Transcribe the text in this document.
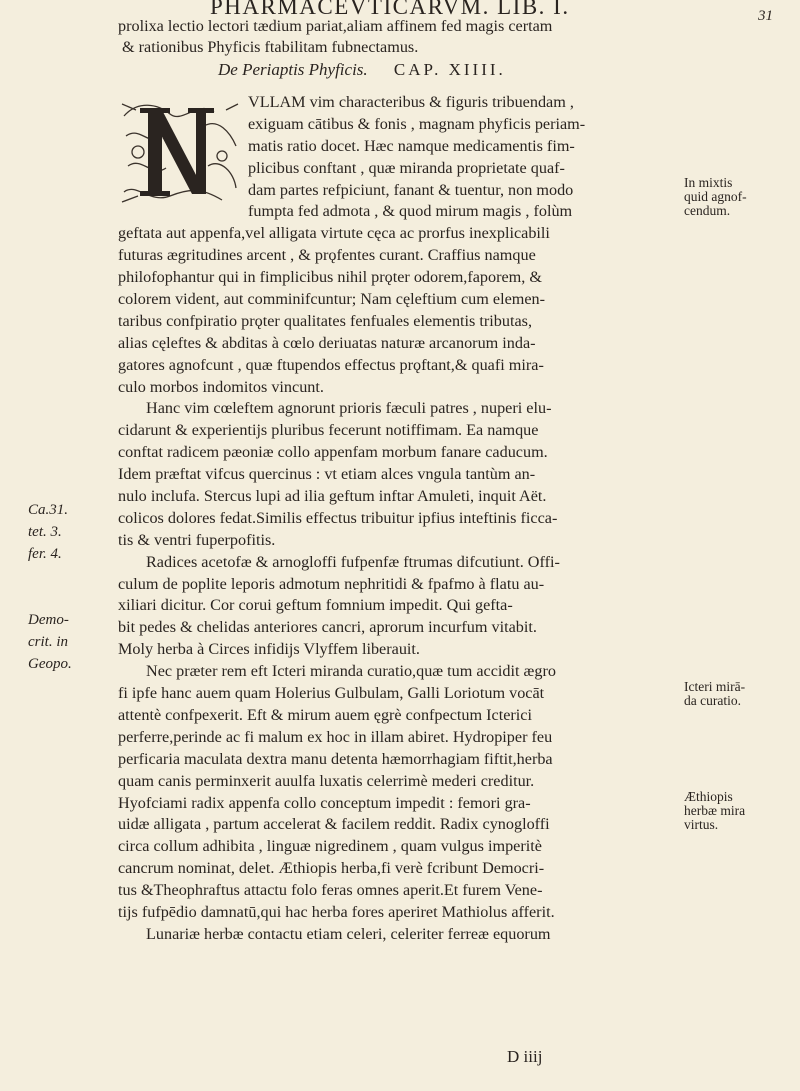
PHARMACEVTICARVM. LIB. I.	31
prolixa lectio lectori tædium pariat,aliam affinem fed magis certam
& rationibus Phyficis ftabilitam fubnectamus.
De Periaptis Phyficis. CAP. XIIII.
VLLAM vim characteribus & figuris tribuendam ,
exiguam cātibus & fonis , magnam phyficis periam-
matis ratio docet. Hæc namque medicamentis fim-
plicibus conftant , quæ miranda proprietate quaf-
dam partes refpiciunt, fanant & tuentur, non modo
fumpta fed admota , & quod mirum magis , folùm
geftata aut appenfa,vel alligata virtute cęca ac prorfus inexplicabili
futuras ægritudines arcent , & prǫfentes curant. Craffius namque
philofophantur qui in fimplicibus nihil prǫter odorem,faporem, &
colorem vident, aut comminifcuntur; Nam cęleftium cum elemen-
taribus confpiratio prǫter qualitates fenfuales elementis tributas,
alias cęleftes & abditas à cœlo deriuatas naturæ arcanorum inda-
gatores agnofcunt , quæ ftupendos effectus prǫftant,& quafi mira-
culo morbos indomitos vincunt.
Hanc vim cœleftem agnorunt prioris fæculi patres , nuperi elu-
cidarunt & experientijs pluribus fecerunt notiffimam. Ea namque
conftat radicem pæoniæ collo appenfam morbum fanare caducum.
Idem præftat vifcus quercinus : vt etiam alces vngula tantùm an-
nulo inclufa. Stercus lupi ad ilia geftum inftar Amuleti, inquit Aët.
colicos dolores fedat.Similis effectus tribuitur ipfius inteftinis ficca-
tis & ventri fuperpofitis.
Radices acetofæ & arnogloffi fufpenfæ ftrumas difcutiunt. Offi-
culum de poplite leporis admotum nephritidi & fpafmo à flatu au-
xiliari dicitur. Cor corui geftum fomnium impedit. Qui gefta-
bit pedes & chelidas anteriores cancri, aprorum incurfum vitabit.
Moly herba à Circes infidijs Vlyffem liberauit.
Nec præter rem eft Icteri miranda curatio,quæ tum accidit ægro
fi ipfe hanc auem quam Holerius Gulbulam, Galli Loriotum vocāt
attentè confpexerit. Eft & mirum auem ęgrè confpectum Icterici
perferre,perinde ac fi malum ex hoc in illam abiret. Hydropiper feu
perficaria maculata dextra manu detenta hæmorrhagiam fiftit,herba
quam canis perminxerit auulfa luxatis celerrimè mederi creditur.
Hyofciami radix appenfa collo conceptum impedit : femori gra-
uidæ alligata , partum accelerat & facilem reddit. Radix cynogloffi
circa collum adhibita , linguæ nigredinem , quam vulgus imperitè
cancrum nominat, delet. Æthiopis herba,fi verè fcribunt Democri-
tus &Theophraftus attactu folo feras omnes aperit.Et furem Vene-
tijs fufpēdio damnatū,qui hac herba fores aperiret Mathiolus afferit.
Lunariæ herbæ contactu etiam celeri, celeriter ferreæ equorum
Ca.31.
tet. 3.
fer. 4.
Demo-
crit. in
Geopo.
In mixtis
quid agnof-
cendum.
Icteri mirā-
da curatio.
Æthiopis
herbæ mira
virtus.
D iiij
